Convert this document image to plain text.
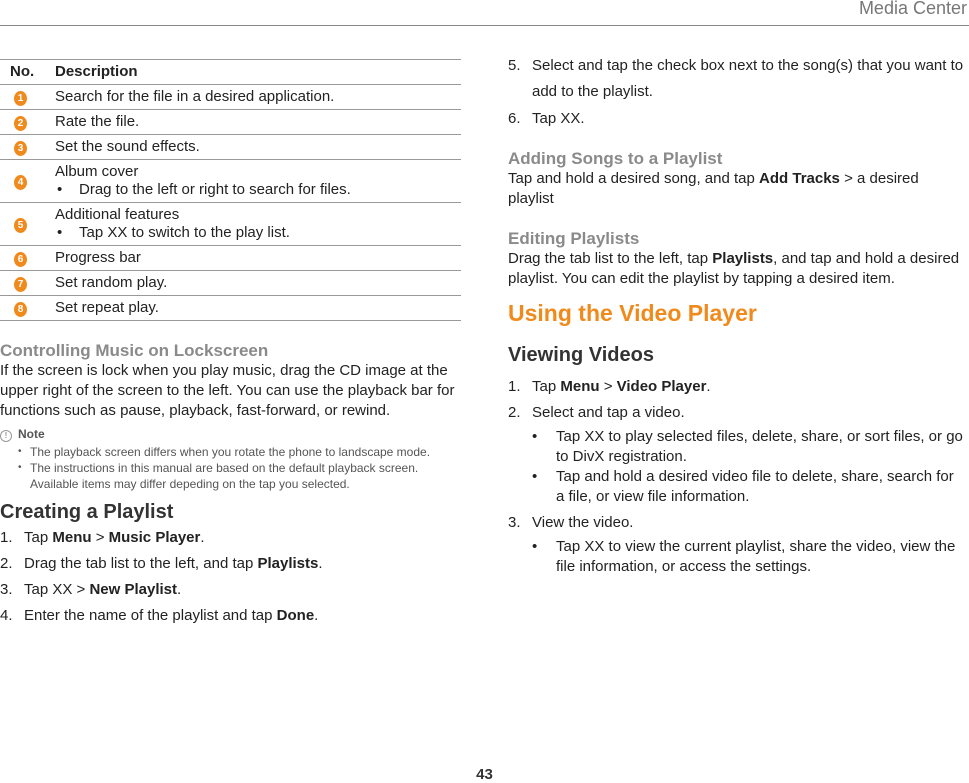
Media Center
No.	Description
1	Search for the file in a desired application.
2	Rate the file.
3	Set the sound effects.
4	Album cover
• Drag to the left or right to search for files.

5	Additional features
• Tap XX to switch to the play list.

6	Progress bar
7	Set random play.
8	Set repeat play.
Controlling Music on Lockscreen

If the screen is lock when you play music, drag the CD image at the upper right of the screen to the left. You can use the playback bar for functions such as pause, playback, fast-forward, or rewind.

! Note
• The playback screen differs when you rotate the phone to landscape mode.
• The instructions in this manual are based on the default playback screen. Available items may differ depeding on the tap you selected.
Creating a Playlist
1. Tap Menu > Music Player.
2. Drag the tab list to the left, and tap Playlists.
3. Tap XX > New Playlist.
4. Enter the name of the playlist and tap Done.
5. Select and tap the check box next to the song(s) that you want to add to the playlist.
6. Tap XX.
Adding Songs to a Playlist

Tap and hold a desired song, and tap Add Tracks > a desired playlist

Editing Playlists

Drag the tab list to the left, tap Playlists, and tap and hold a desired playlist. You can edit the playlist by tapping a desired item.

Using the Video Player
Viewing Videos
1. Tap Menu > Video Player.
2. Select and tap a video.
• Tap XX to play selected files, delete, share, or sort files, or go to DivX registration.
• Tap and hold a desired video file to delete, share, search for a file, or view file information.
3. View the video.
• Tap XX to view the current playlist, share the video, view the file information, or access the settings.
43
